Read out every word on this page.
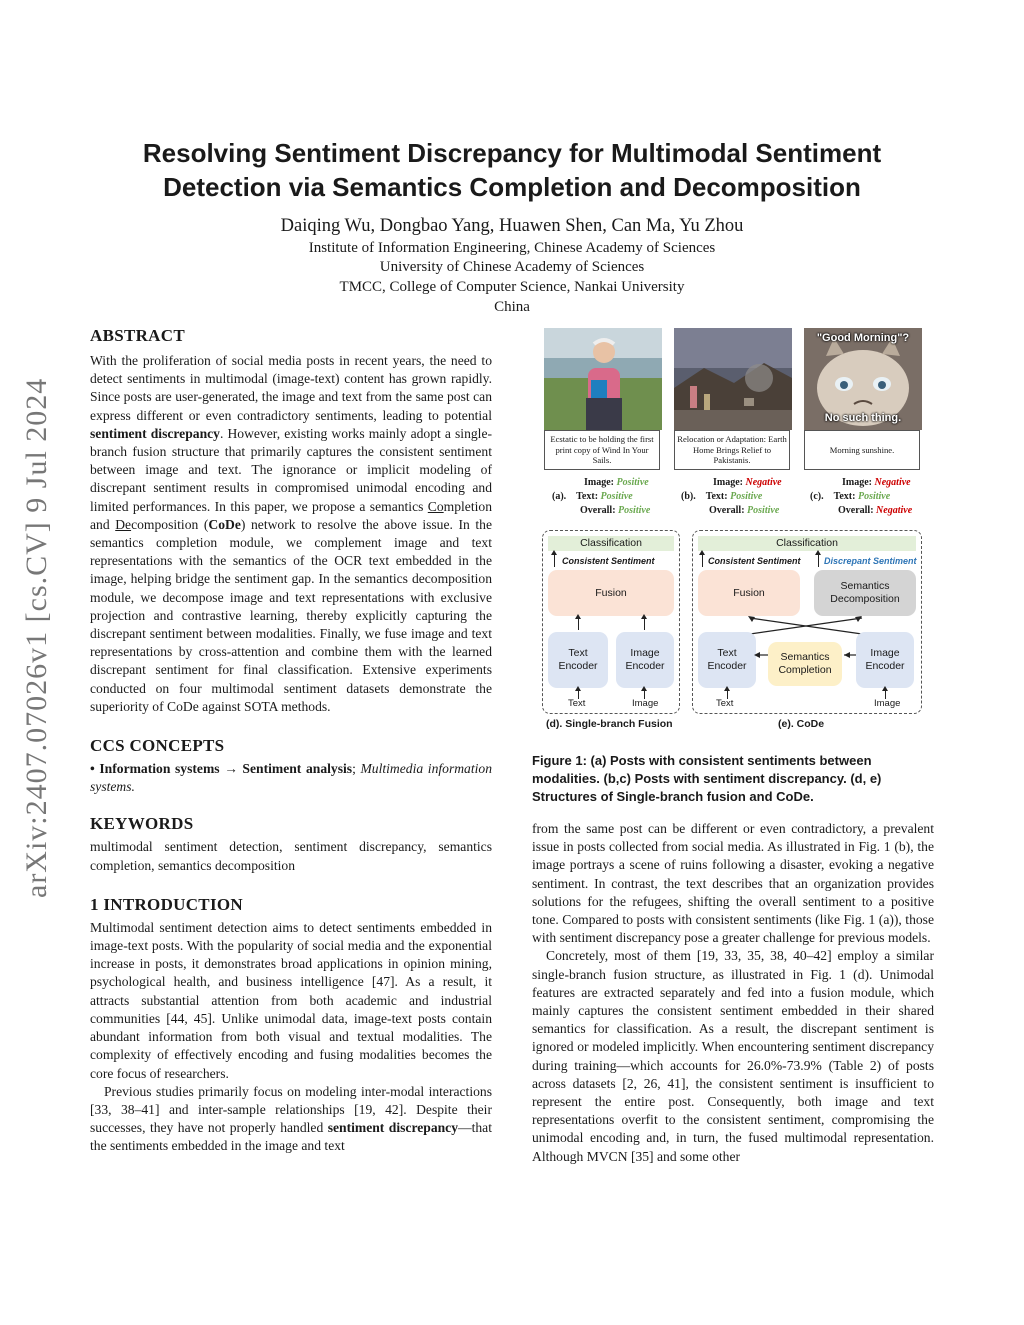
arXiv:2407.07026v1 [cs.CV] 9 Jul 2024
Resolving Sentiment Discrepancy for Multimodal Sentiment
Detection via Semantics Completion and Decomposition
Daiqing Wu, Dongbao Yang, Huawen Shen, Can Ma, Yu Zhou
Institute of Information Engineering, Chinese Academy of Sciences
University of Chinese Academy of Sciences
TMCC, College of Computer Science, Nankai University
China
ABSTRACT

With the proliferation of social media posts in recent years, the need to detect sentiments in multimodal (image-text) content has grown rapidly. Since posts are user-generated, the image and text from the same post can express different or even contradictory sentiments, leading to potential sentiment discrepancy. However, existing works mainly adopt a single-branch fusion structure that primarily captures the consistent sentiment between image and text. The ignorance or implicit modeling of discrepant sentiment results in compromised unimodal encoding and limited performances. In this paper, we propose a semantics Completion and Decomposition (CoDe) network to resolve the above issue. In the semantics completion module, we complement image and text representations with the semantics of the OCR text embedded in the image, helping bridge the sentiment gap. In the semantics decomposition module, we decompose image and text representations with exclusive projection and contrastive learning, thereby explicitly capturing the discrepant sentiment between modalities. Finally, we fuse image and text representations by cross-attention and combine them with the learned discrepant sentiment for final classification. Extensive experiments conducted on four multimodal sentiment datasets demonstrate the superiority of CoDe against SOTA methods.

CCS CONCEPTS

• Information systems → Sentiment analysis; Multimedia information systems.

KEYWORDS
multimodal sentiment detection, sentiment discrepancy, semantics completion, semantics decomposition
1 INTRODUCTION

Multimodal sentiment detection aims to detect sentiments embedded in image-text posts. With the popularity of social media and the exponential increase in posts, it demonstrates broad applications in opinion mining, psychological health, and business intelligence [47]. As a result, it attracts substantial attention from both academic and industrial communities [44, 45]. Unlike unimodal data, image-text posts contain abundant information from both visual and textual modalities. The complexity of effectively encoding and fusing modalities becomes the core focus of researchers.

Previous studies primarily focus on modeling inter-modal interactions [33, 38–41] and inter-sample relationships [19, 42]. Despite their successes, they have not properly handled sentiment discrepancy—that the sentiments embedded in the image and text

Ecstatic to be holding the first print copy of Wind In Your Sails.
Relocation or Adaptation: Earth Home Brings Relief to Pakistanis.
"Good Morning"?
No such thing.
Morning sunshine.
Image: Positive
(a). Text: Positive
Overall: Positive
Image: Negative
(b). Text: Positive
Overall: Positive
Image: Negative
(c). Text: Positive
Overall: Negative
Classification
Consistent Sentiment
Fusion
Text Encoder
Image Encoder
Text	Image
(d). Single-branch Fusion
Classification
Consistent Sentiment	Discrepant Sentiment
Fusion
Semantics Decomposition
Text Encoder
Semantics Completion
Image Encoder
Text	Image
(e). CoDe
Figure 1: (a) Posts with consistent sentiments between modalities. (b,c) Posts with sentiment discrepancy. (d, e) Structures of Single-branch fusion and CoDe.

from the same post can be different or even contradictory, a prevalent issue in posts collected from social media. As illustrated in Fig. 1 (b), the image portrays a scene of ruins following a disaster, evoking a negative sentiment. In contrast, the text describes that an organization provides solutions for the refugees, shifting the overall sentiment to a positive tone. Compared to posts with consistent sentiments (like Fig. 1 (a)), those with sentiment discrepancy pose a greater challenge for previous models.

Concretely, most of them [19, 33, 35, 38, 40–42] employ a similar single-branch fusion structure, as illustrated in Fig. 1 (d). Unimodal features are extracted separately and fed into a fusion module, which mainly captures the consistent sentiment embedded in their shared semantics for classification. As a result, the discrepant sentiment is ignored or modeled implicitly. When encountering sentiment discrepancy during training—which accounts for 26.0%-73.9% (Table 2) of posts across datasets [2, 26, 41], the consistent sentiment is insufficient to represent the entire post. Consequently, both image and text representations overfit to the consistent sentiment, compromising the unimodal encoding and, in turn, the fused multimodal representation. Although MVCN [35] and some other
